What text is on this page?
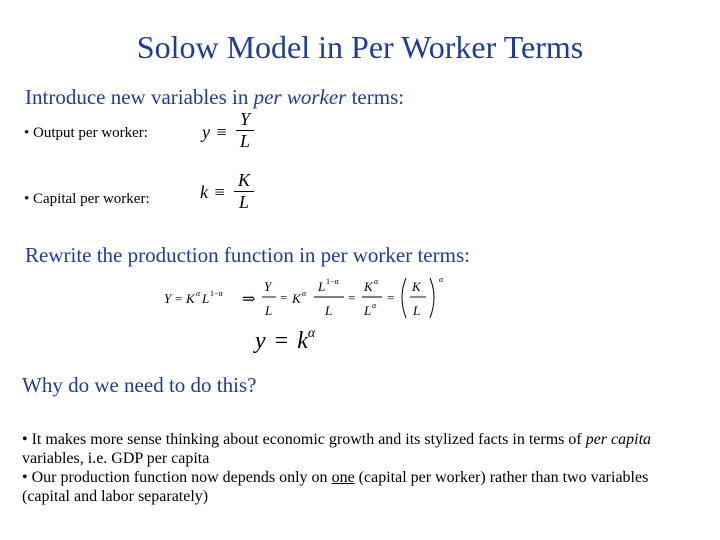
Solow Model in Per Worker Terms
Introduce new variables in per worker terms:
• Output per worker:	y ≡
Y
L
• Capital per worker:	k ≡
K
L
Rewrite the production function in per worker terms:
Y = K α L 1−α ⇒
Y
L
= K α L 1−α
L
=
K α
L α
=
K
L
α
$y = k^\alpha$
Why do we need to do this?
• It makes more sense thinking about economic growth and its stylized facts in terms of per capita variables, i.e. GDP per capita
• Our production function now depends only on one (capital per worker) rather than two variables (capital and labor separately)
